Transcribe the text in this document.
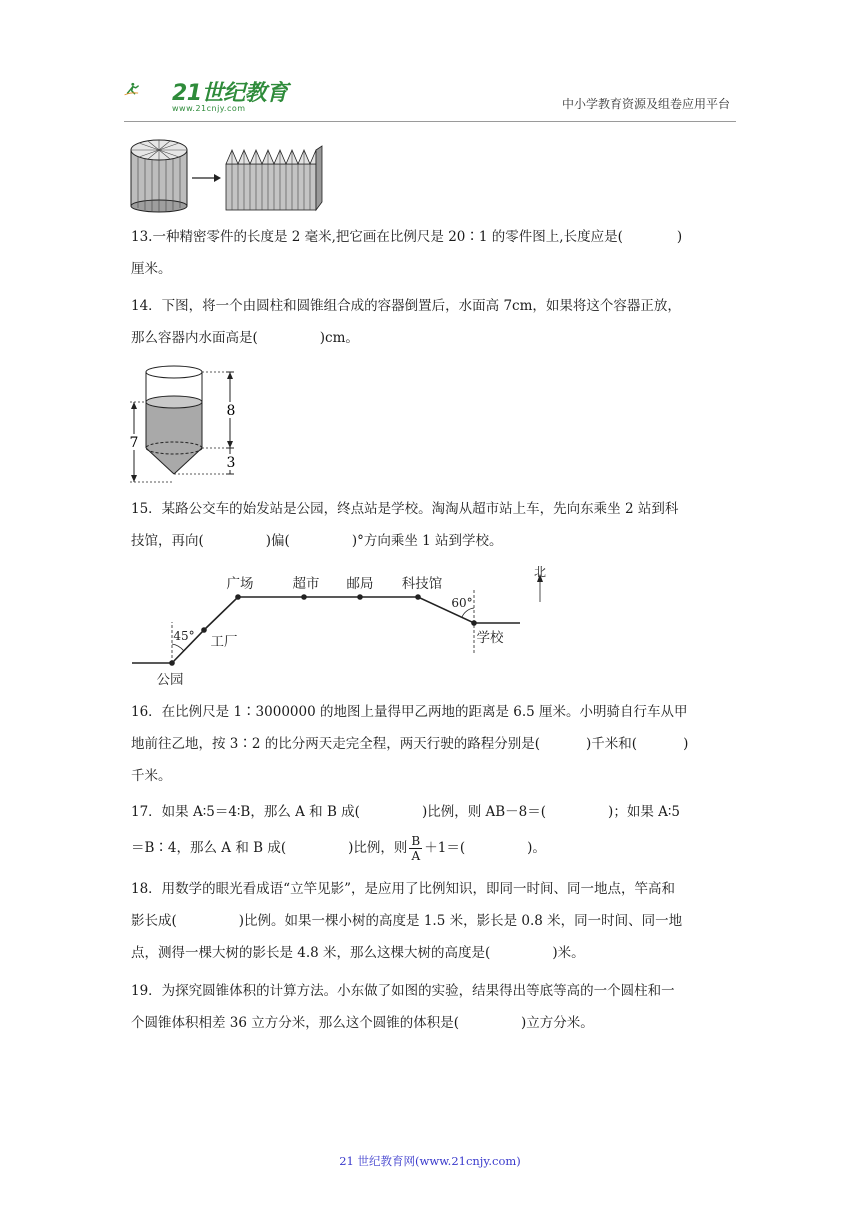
21世纪教育
www.21cnjy.com	中小学教育资源及组卷应用平台

13.一种精密零件的长度是 2 毫米,把它画在比例尺是 20∶1 的零件图上,长度应是(	)

厘米。

14．下图，将一个由圆柱和圆锥组合成的容器倒置后，水面高 7cm，如果将这个容器正放，

那么容器内水面高是(	)cm。

8
7
3

15．某路公交车的始发站是公园，终点站是学校。淘淘从超市站上车，先向东乘坐 2 站到科

技馆，再向(	)偏(	)°方向乘坐 1 站到学校。

广场	超市 邮局 科技馆
北
工厂
公园
学校
45°
60°

16．在比例尺是 1∶3000000 的地图上量得甲乙两地的距离是 6.5 厘米。小明骑自行车从甲

地前往乙地，按 3∶2 的比分两天走完全程，两天行驶的路程分别是(	)千米和(	)

千米。

17．如果 A∶5＝4∶B，那么 A 和 B 成(	)比例，则 AB－8＝(	)；如果 A∶5

＝B∶4，那么 A 和 B 成(	)比例，则 $\frac{B}{A} +1=$(	)。

18．用数学的眼光看成语“立竿见影”，是应用了比例知识，即同一时间、同一地点，竿高和

影长成(	)比例。如果一棵小树的高度是 1.5 米，影长是 0.8 米，同一时间、同一地

点，测得一棵大树的影长是 4.8 米，那么这棵大树的高度是(	)米。

19．为探究圆锥体积的计算方法。小东做了如图的实验，结果得出等底等高的一个圆柱和一

个圆锥体积相差 36 立方分米，那么这个圆锥的体积是(	)立方分米。

21 世纪教育网(www.21cnjy.com)
